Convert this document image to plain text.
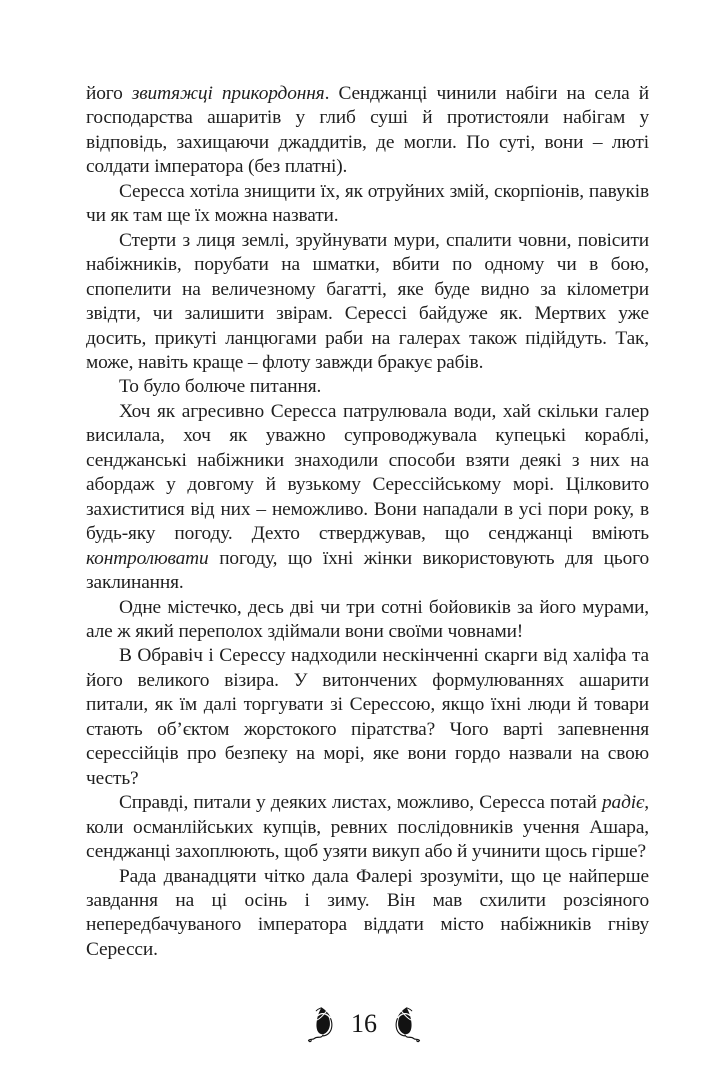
його звитяжці прикордоння. Сенджанці чинили набіги на села й господарства ашаритів у глиб суші й протистояли набігам у відповідь, захищаючи джаддитів, де могли. По суті, вони – люті солдати імператора (без платні).

Сересса хотіла знищити їх, як отруйних змій, скорпіонів, павуків чи як там ще їх можна назвати.

Стерти з лиця землі, зруйнувати мури, спалити човни, повісити набіжників, порубати на шматки, вбити по одному чи в бою, спопелити на величезному багатті, яке буде видно за кілометри звідти, чи залишити звірам. Серессі байдуже як. Мертвих уже досить, прикуті ланцюгами раби на галерах також підійдуть. Так, може, навіть краще – флоту завжди бракує рабів.

То було болюче питання.

Хоч як агресивно Сересса патрулювала води, хай скільки галер висилала, хоч як уважно супроводжувала купецькі кораблі, сенджанські набіжники знаходили способи взяти деякі з них на абордаж у довгому й вузькому Серессійському морі. Цілковито захиститися від них – неможливо. Вони нападали в усі пори року, в будь-яку погоду. Дехто стверджував, що сенджанці вміють контролювати погоду, що їхні жінки використовують для цього заклинання.

Одне містечко, десь дві чи три сотні бойовиків за його мурами, але ж який переполох здіймали вони своїми човнами!

В Обравіч і Серессу надходили нескінченні скарги від халіфа та його великого візира. У витончених формулюваннях ашарити питали, як їм далі торгувати зі Серессою, якщо їхні люди й товари стають об’єктом жорстокого піратства? Чого варті запевнення серессійців про безпеку на морі, яке вони гордо назвали на свою честь?

Справді, питали у деяких листах, можливо, Сересса потай радіє, коли османлійських купців, ревних послідовників учення Ашара, сенджанці захоплюють, щоб узяти викуп або й учинити щось гірше?

Рада дванадцяти чітко дала Фалері зрозуміти, що це найперше завдання на ці осінь і зиму. Він мав схилити розсіяного непередбачуваного імператора віддати місто набіжників гніву Сересси.

16
